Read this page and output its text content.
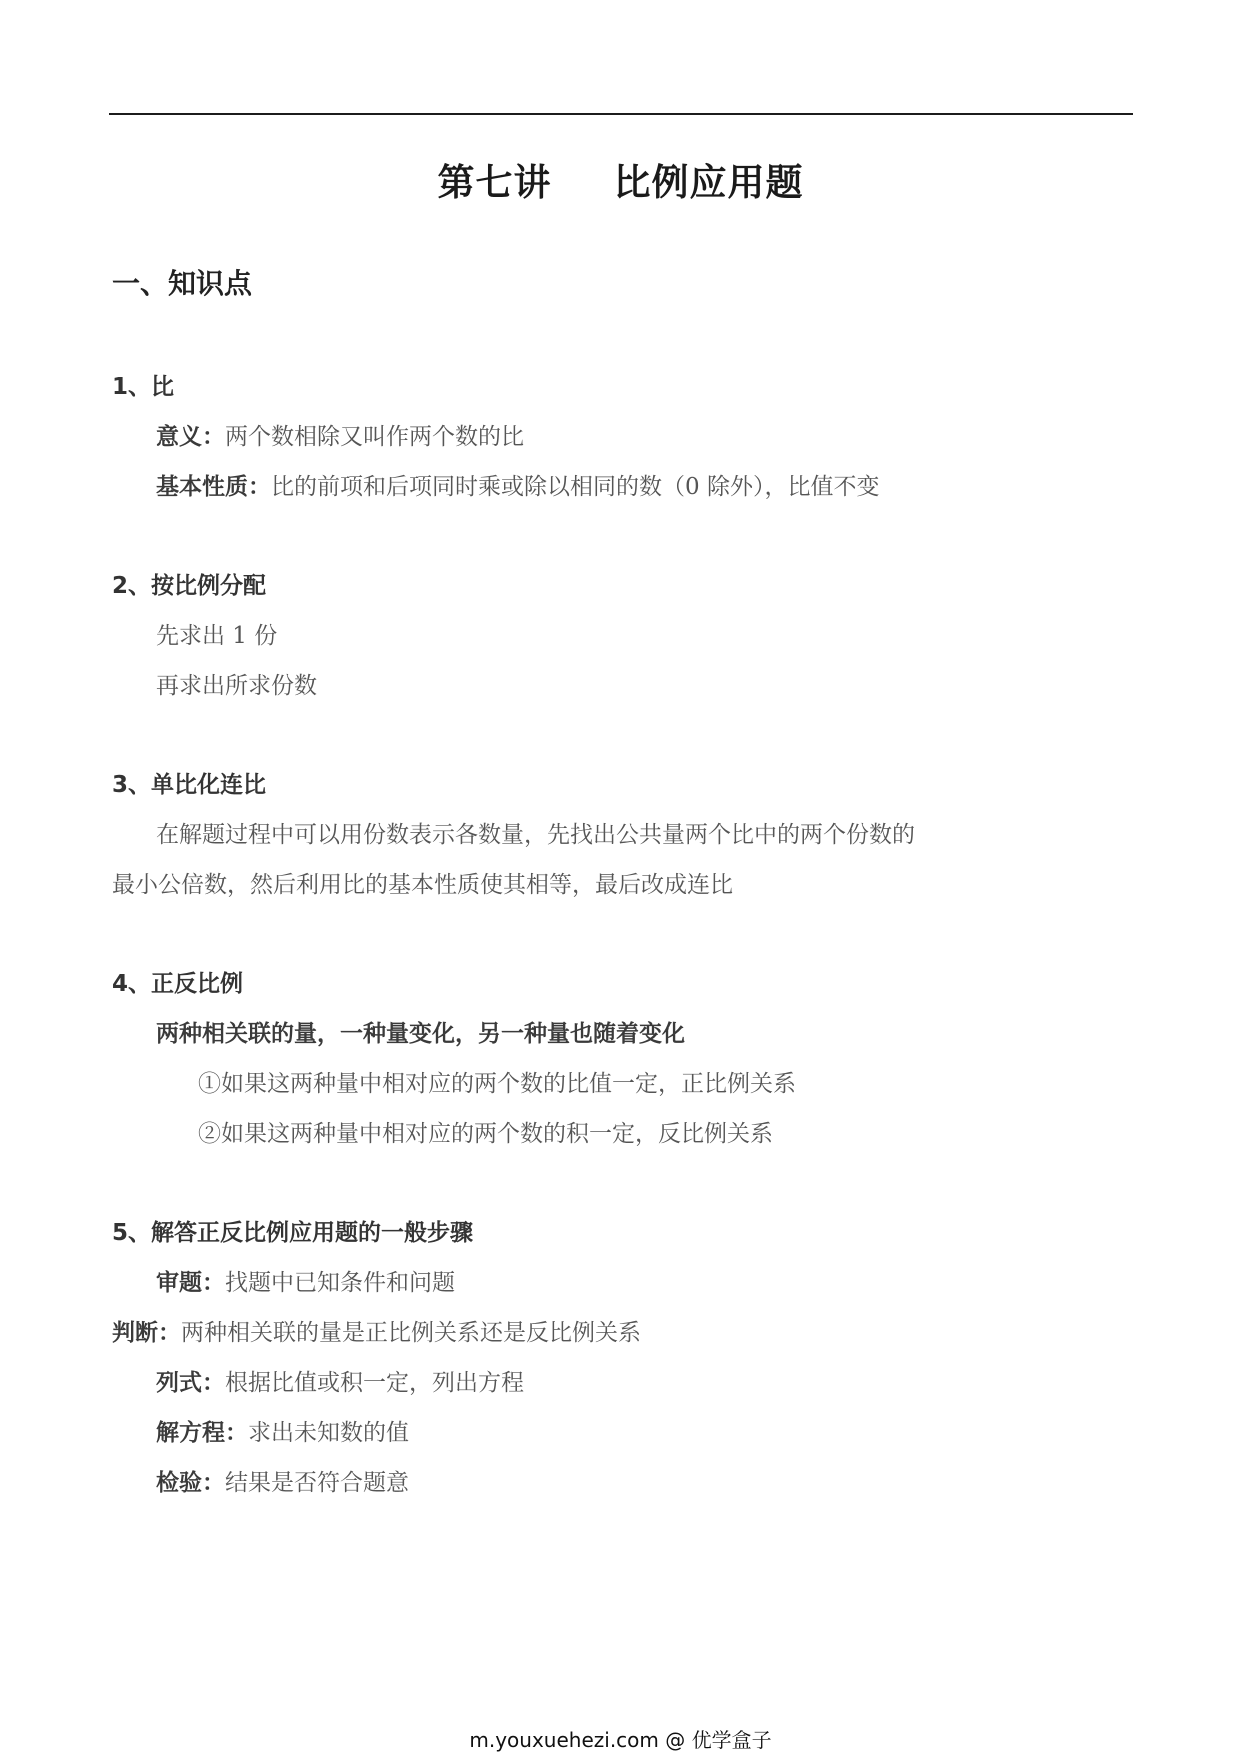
第七讲 比例应用题
一、知识点
1、比
意义：两个数相除又叫作两个数的比
基本性质：比的前项和后项同时乘或除以相同的数（0 除外），比值不变
2、按比例分配
先求出 1 份
再求出所求份数
3、单比化连比
在解题过程中可以用份数表示各数量，先找出公共量两个比中的两个份数的
最小公倍数，然后利用比的基本性质使其相等，最后改成连比
4、正反比例
两种相关联的量，一种量变化，另一种量也随着变化
①如果这两种量中相对应的两个数的比值一定，正比例关系
②如果这两种量中相对应的两个数的积一定，反比例关系
5、解答正反比例应用题的一般步骤
审题：找题中已知条件和问题
判断：两种相关联的量是正比例关系还是反比例关系
列式：根据比值或积一定，列出方程
解方程：求出未知数的值
检验：结果是否符合题意
m.youxuehezi.com @ 优学盒子
